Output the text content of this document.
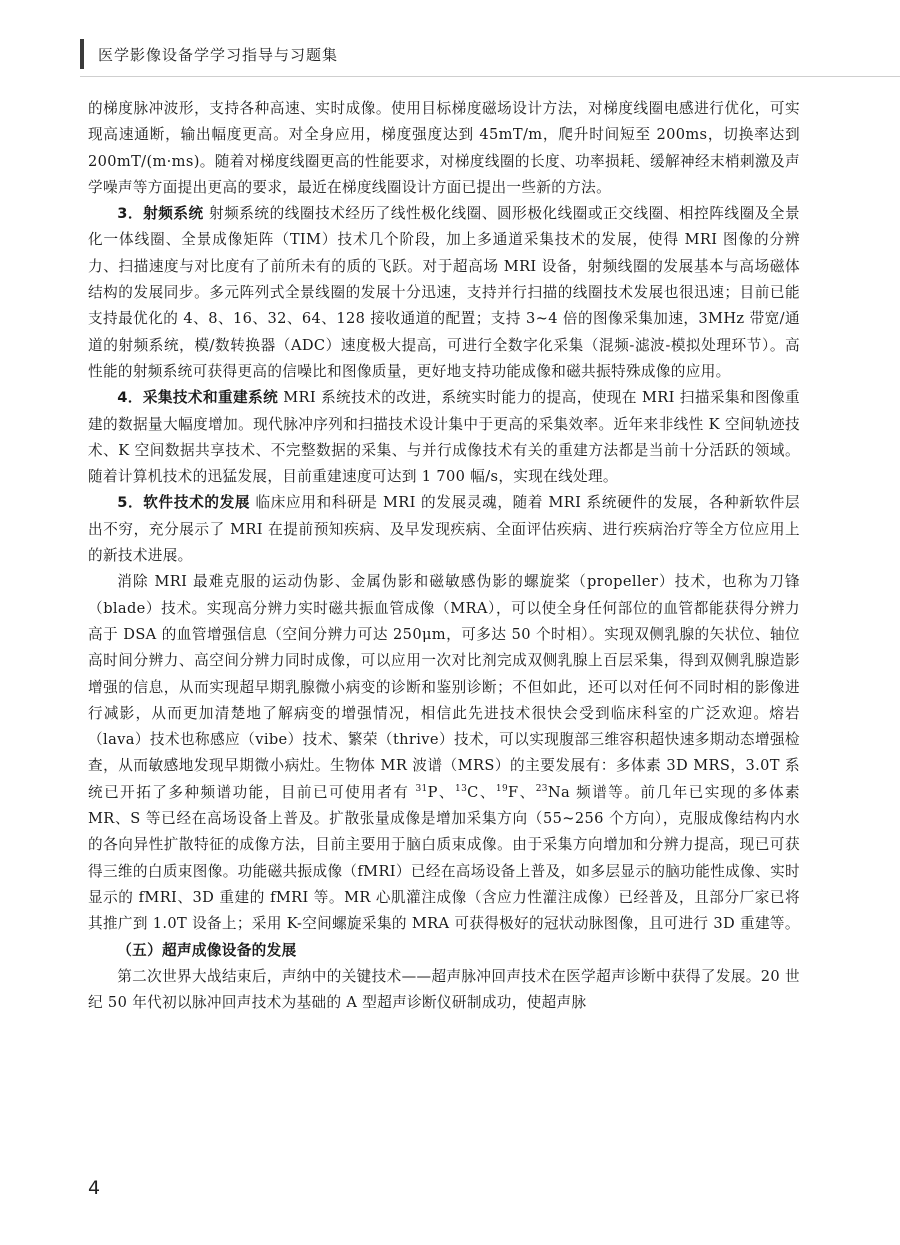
医学影像设备学学习指导与习题集

的梯度脉冲波形，支持各种高速、实时成像。使用目标梯度磁场设计方法，对梯度线圈电感进行优化，可实现高速通断，输出幅度更高。对全身应用，梯度强度达到 45mT/m，爬升时间短至 200ms，切换率达到 200mT/(m·ms)。随着对梯度线圈更高的性能要求，对梯度线圈的长度、功率损耗、缓解神经末梢刺激及声学噪声等方面提出更高的要求，最近在梯度线圈设计方面已提出一些新的方法。

3．射频系统 射频系统的线圈技术经历了线性极化线圈、圆形极化线圈或正交线圈、相控阵线圈及全景化一体线圈、全景成像矩阵（TIM）技术几个阶段，加上多通道采集技术的发展，使得 MRI 图像的分辨力、扫描速度与对比度有了前所未有的质的飞跃。对于超高场 MRI 设备，射频线圈的发展基本与高场磁体结构的发展同步。多元阵列式全景线圈的发展十分迅速，支持并行扫描的线圈技术发展也很迅速；目前已能支持最优化的 4、8、16、32、64、128 接收通道的配置；支持 3~4 倍的图像采集加速，3MHz 带宽/通道的射频系统，模/数转换器（ADC）速度极大提高，可进行全数字化采集（混频-滤波-模拟处理环节）。高性能的射频系统可获得更高的信噪比和图像质量，更好地支持功能成像和磁共振特殊成像的应用。

4．采集技术和重建系统 MRI 系统技术的改进，系统实时能力的提高，使现在 MRI 扫描采集和图像重建的数据量大幅度增加。现代脉冲序列和扫描技术设计集中于更高的采集效率。近年来非线性 K 空间轨迹技术、K 空间数据共享技术、不完整数据的采集、与并行成像技术有关的重建方法都是当前十分活跃的领域。随着计算机技术的迅猛发展，目前重建速度可达到 1 700 幅/s，实现在线处理。

5．软件技术的发展 临床应用和科研是 MRI 的发展灵魂，随着 MRI 系统硬件的发展，各种新软件层出不穷，充分展示了 MRI 在提前预知疾病、及早发现疾病、全面评估疾病、进行疾病治疗等全方位应用上的新技术进展。

消除 MRI 最难克服的运动伪影、金属伪影和磁敏感伪影的螺旋桨（propeller）技术，也称为刀锋（blade）技术。实现高分辨力实时磁共振血管成像（MRA），可以使全身任何部位的血管都能获得分辨力高于 DSA 的血管增强信息（空间分辨力可达 250μm，可多达 50 个时相）。实现双侧乳腺的矢状位、轴位高时间分辨力、高空间分辨力同时成像，可以应用一次对比剂完成双侧乳腺上百层采集，得到双侧乳腺造影增强的信息，从而实现超早期乳腺微小病变的诊断和鉴别诊断；不但如此，还可以对任何不同时相的影像进行减影，从而更加清楚地了解病变的增强情况，相信此先进技术很快会受到临床科室的广泛欢迎。熔岩（lava）技术也称感应（vibe）技术、繁荣（thrive）技术，可以实现腹部三维容积超快速多期动态增强检查，从而敏感地发现早期微小病灶。生物体 MR 波谱（MRS）的主要发展有：多体素 3D MRS，3.0T 系统已开拓了多种频谱功能，目前已可使用者有 $^{31}$P、$^{13}$C、$^{19}$F、$^{23}$Na 频谱等。前几年已实现的多体素 MR、S 等已经在高场设备上普及。扩散张量成像是增加采集方向（55~256 个方向），克服成像结构内水的各向异性扩散特征的成像方法，目前主要用于脑白质束成像。由于采集方向增加和分辨力提高，现已可获得三维的白质束图像。功能磁共振成像（fMRI）已经在高场设备上普及，如多层显示的脑功能性成像、实时显示的 fMRI、3D 重建的 fMRI 等。MR 心肌灌注成像（含应力性灌注成像）已经普及，且部分厂家已将其推广到 1.0T 设备上；采用 K-空间螺旋采集的 MRA 可获得极好的冠状动脉图像，且可进行 3D 重建等。

（五）超声成像设备的发展

第二次世界大战结束后，声纳中的关键技术——超声脉冲回声技术在医学超声诊断中获得了发展。20 世纪 50 年代初以脉冲回声技术为基础的 A 型超声诊断仪研制成功，使超声脉

4
